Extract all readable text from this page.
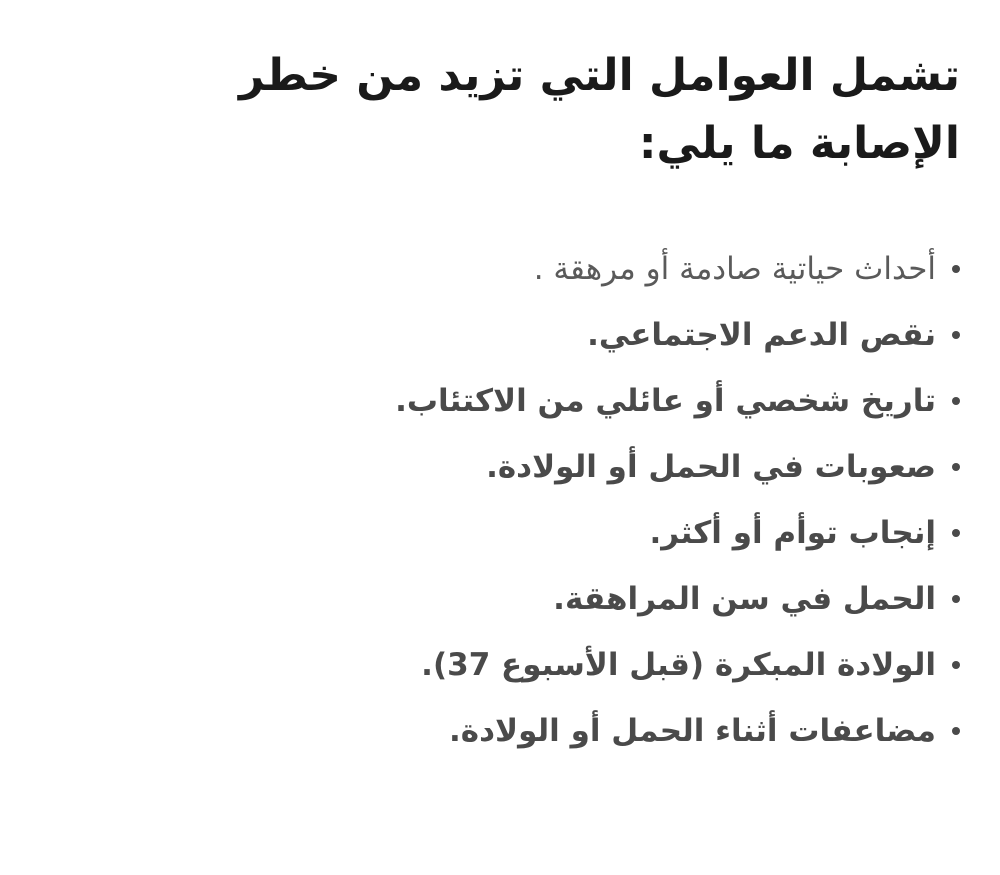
تشمل العوامل التي تزيد من خطر الإصابة ما يلي:
أحداث حياتية صادمة أو مرهقة .
نقص الدعم الاجتماعي.
تاريخ شخصي أو عائلي من الاكتئاب.
صعوبات في الحمل أو الولادة.
إنجاب توأم أو أكثر.
الحمل في سن المراهقة.
الولادة المبكرة (قبل الأسبوع 37).
مضاعفات أثناء الحمل أو الولادة.
